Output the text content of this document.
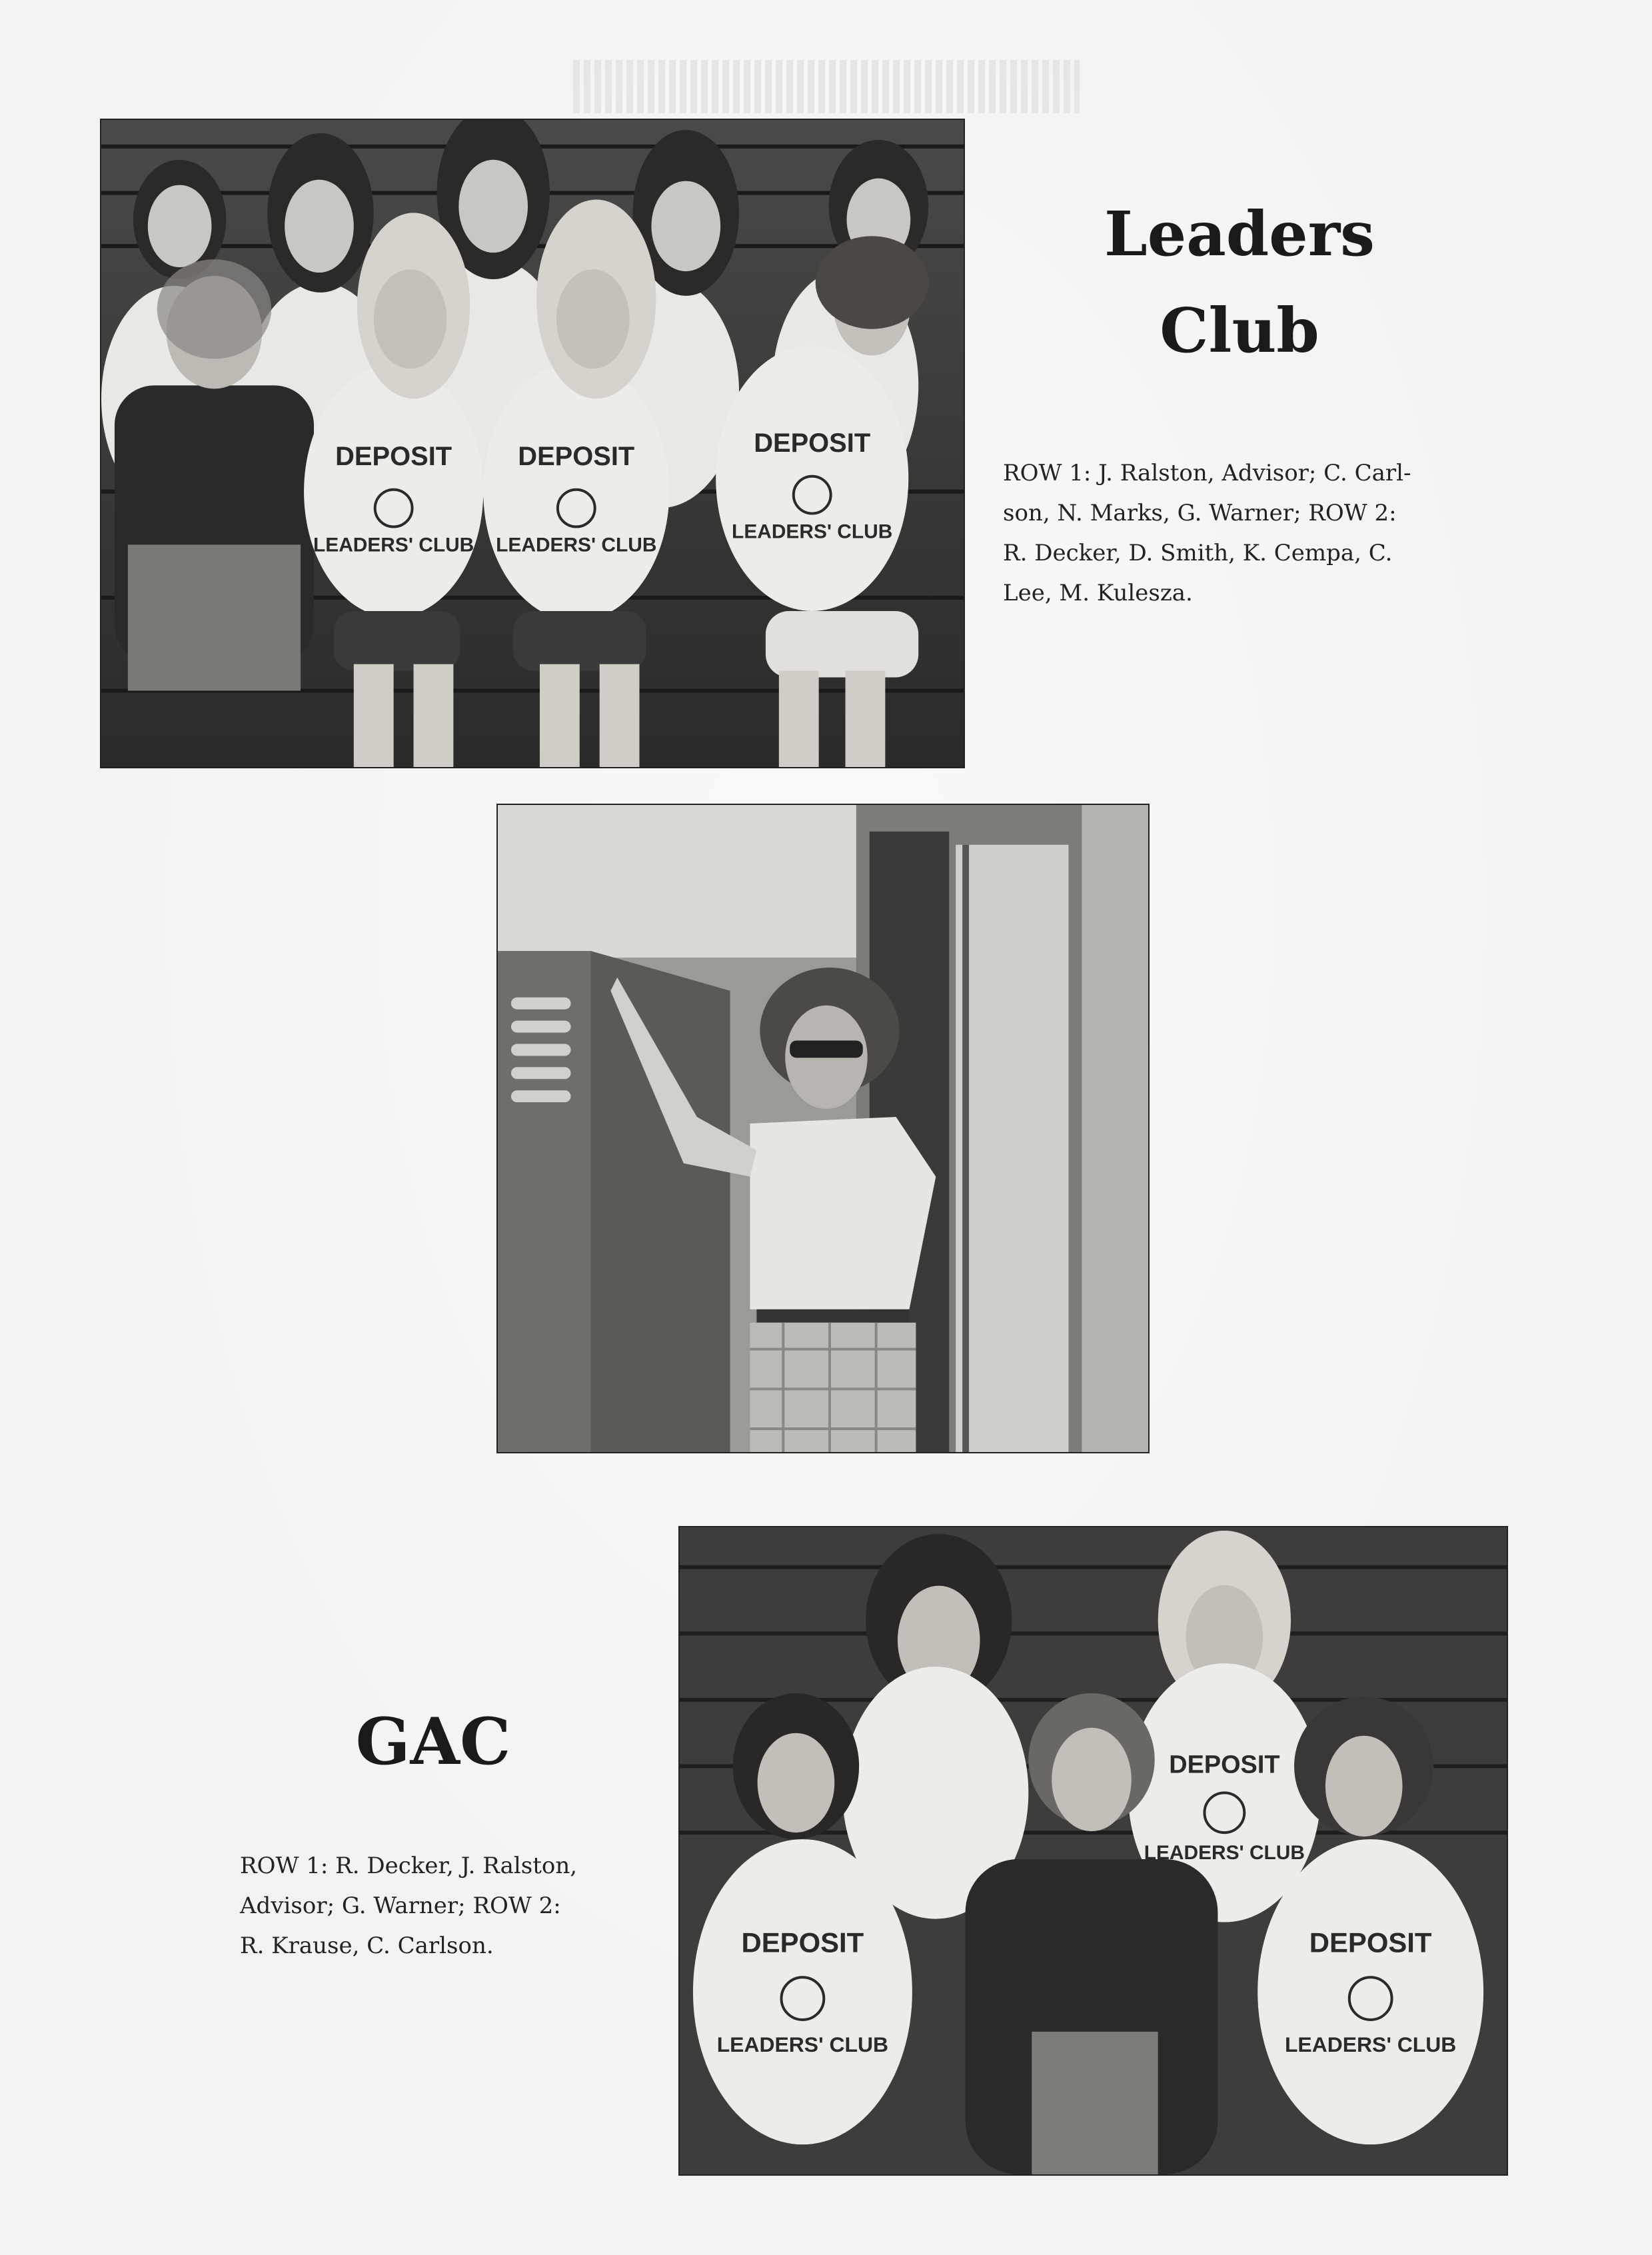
DEPOSIT
LEADERS' CLUB
DEPOSIT
LEADERS' CLUB
DEPOSIT
LEADERS' CLUB
Leaders
Club

ROW 1: J. Ralston, Advisor; C. Carl-
son, N. Marks, G. Warner; ROW 2:
R. Decker, D. Smith, K. Cempa, C.
Lee, M. Kulesza.

DEPOSIT
LEADERS' CLUB
DEPOSIT
LEADERS' CLUB
DEPOSIT
LEADERS' CLUB
GAC

ROW 1: R. Decker, J. Ralston,
Advisor; G. Warner; ROW 2:
R. Krause, C. Carlson.
